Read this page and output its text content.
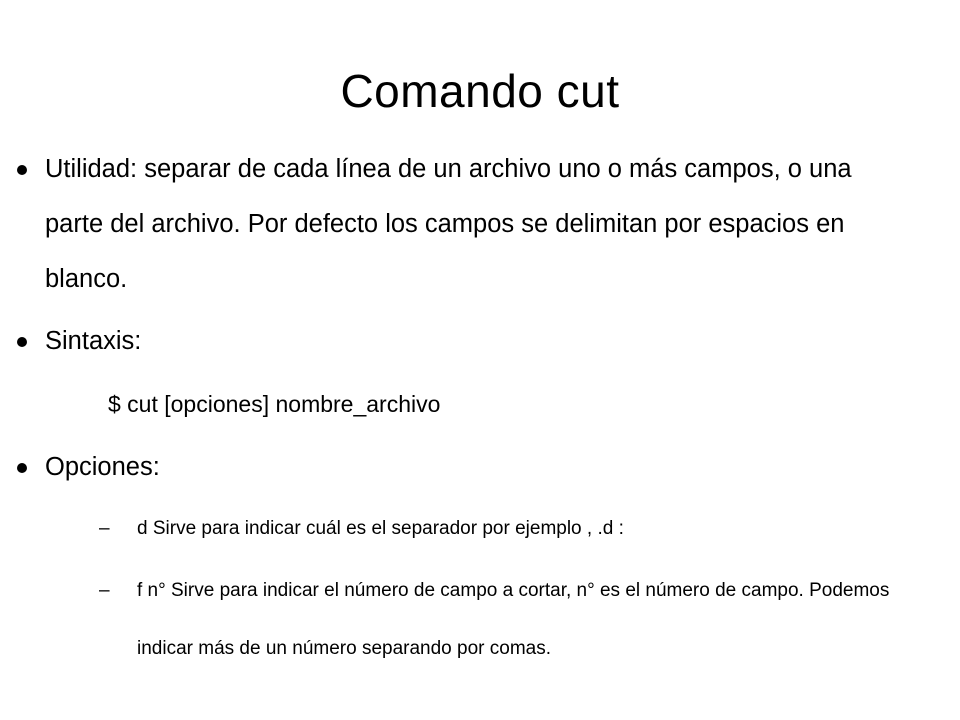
Comando cut
Utilidad: separar de cada línea de un archivo uno o más campos, o una parte del archivo. Por defecto los campos se delimitan por espacios en blanco.
Sintaxis:
$ cut [opciones] nombre_archivo
Opciones:
– d Sirve para indicar cuál es el separador por ejemplo , .d :
– f n° Sirve para indicar el número de campo a cortar, n° es el número de campo. Podemos indicar más de un número separando por comas.
